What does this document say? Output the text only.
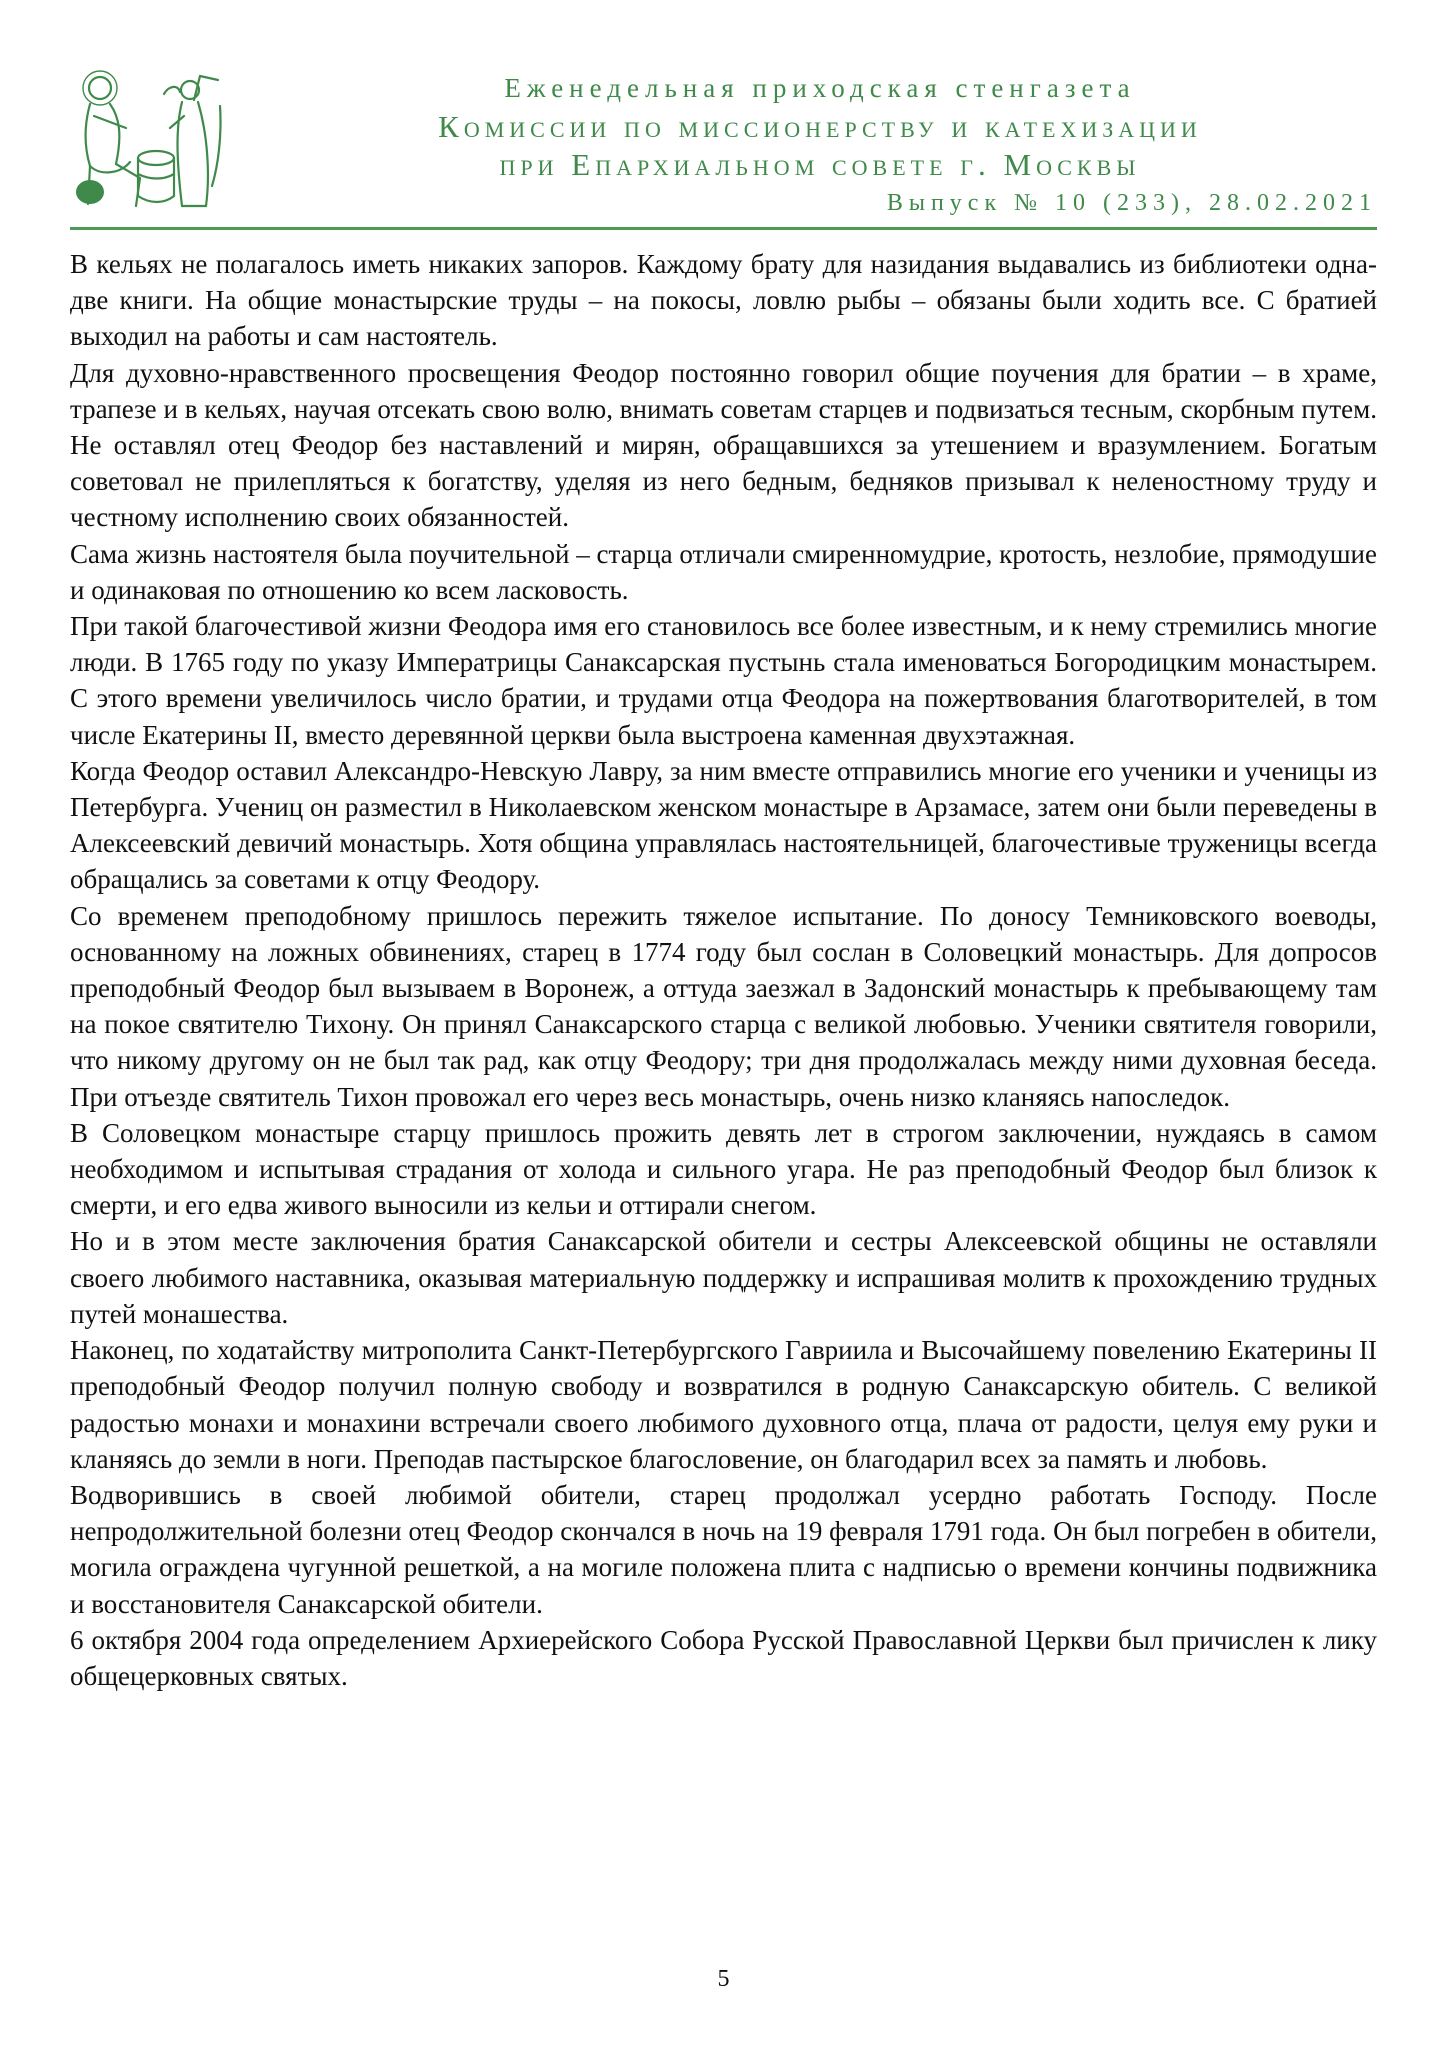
Еженедельная приходская стенгазета
Комиссии по миссионерству и катехизации
при Епархиальном совете г. Москвы
Выпуск № 10 (233), 28.02.2021

В кельях не полагалось иметь никаких запоров. Каждому брату для назидания выдавались из библиотеки одна-две книги. На общие монастырские труды – на покосы, ловлю рыбы – обязаны были ходить все. С братией выходил на работы и сам настоятель.

Для духовно-нравственного просвещения Феодор постоянно говорил общие поучения для братии – в храме, трапезе и в кельях, научая отсекать свою волю, внимать советам старцев и подвизаться тесным, скорбным путем. Не оставлял отец Феодор без наставлений и мирян, обращавшихся за утешением и вразумлением. Богатым советовал не прилепляться к богатству, уделяя из него бедным, бедняков призывал к неленостному труду и честному исполнению своих обязанностей.

Сама жизнь настоятеля была поучительной – старца отличали смиренномудрие, кротость, незлобие, прямодушие и одинаковая по отношению ко всем ласковость.

При такой благочестивой жизни Феодора имя его становилось все более известным, и к нему стремились многие люди. В 1765 году по указу Императрицы Санаксарская пустынь стала именоваться Богородицким монастырем. С этого времени увеличилось число братии, и трудами отца Феодора на пожертвования благотворителей, в том числе Екатерины II, вместо деревянной церкви была выстроена каменная двухэтажная.

Когда Феодор оставил Александро-Невскую Лавру, за ним вместе отправились многие его ученики и ученицы из Петербурга. Учениц он разместил в Николаевском женском монастыре в Арзамасе, затем они были переведены в Алексеевский девичий монастырь. Хотя община управлялась настоятельницей, благочестивые труженицы всегда обращались за советами к отцу Феодору.

Со временем преподобному пришлось пережить тяжелое испытание. По доносу Темниковского воеводы, основанному на ложных обвинениях, старец в 1774 году был сослан в Соловецкий монастырь. Для допросов преподобный Феодор был вызываем в Воронеж, а оттуда заезжал в Задонский монастырь к пребывающему там на покое святителю Тихону. Он принял Санаксарского старца с великой любовью. Ученики святителя говорили, что никому другому он не был так рад, как отцу Феодору; три дня продолжалась между ними духовная беседа. При отъезде святитель Тихон провожал его через весь монастырь, очень низко кланяясь напоследок.

В Соловецком монастыре старцу пришлось прожить девять лет в строгом заключении, нуждаясь в самом необходимом и испытывая страдания от холода и сильного угара. Не раз преподобный Феодор был близок к смерти, и его едва живого выносили из кельи и оттирали снегом.

Но и в этом месте заключения братия Санаксарской обители и сестры Алексеевской общины не оставляли своего любимого наставника, оказывая материальную поддержку и испрашивая молитв к прохождению трудных путей монашества.

Наконец, по ходатайству митрополита Санкт-Петербургского Гавриила и Высочайшему повелению Екатерины II преподобный Феодор получил полную свободу и возвратился в родную Санаксарскую обитель. С великой радостью монахи и монахини встречали своего любимого духовного отца, плача от радости, целуя ему руки и кланяясь до земли в ноги. Преподав пастырское благословение, он благодарил всех за память и любовь.

Водворившись в своей любимой обители, старец продолжал усердно работать Господу. После непродолжительной болезни отец Феодор скончался в ночь на 19 февраля 1791 года. Он был погребен в обители, могила ограждена чугунной решеткой, а на могиле положена плита с надписью о времени кончины подвижника и восстановителя Санаксарской обители.

6 октября 2004 года определением Архиерейского Собора Русской Православной Церкви был причислен к лику общецерковных святых.

5
